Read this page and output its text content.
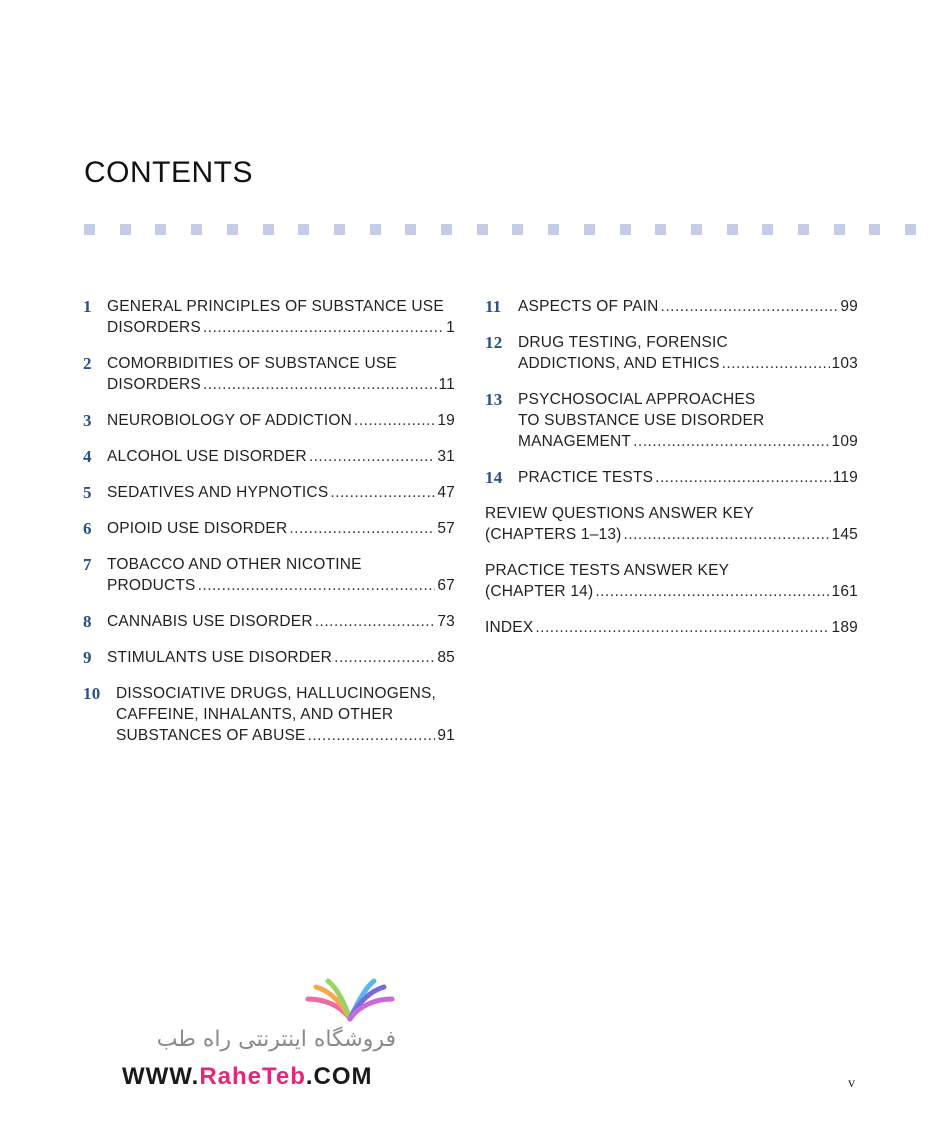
CONTENTS
1 GENERAL PRINCIPLES OF SUBSTANCE USE
DISORDERS .....	1
2 COMORBIDITIES OF SUBSTANCE USE
DISORDERS .....	11
3 NEUROBIOLOGY OF ADDICTION .....	19
4 ALCOHOL USE DISORDER .....	31
5 SEDATIVES AND HYPNOTICS .....	47
6 OPIOID USE DISORDER .....	57
7 TOBACCO AND OTHER NICOTINE
PRODUCTS .....	67
8 CANNABIS USE DISORDER .....	73
9 STIMULANTS USE DISORDER .....	85
10 DISSOCIATIVE DRUGS, HALLUCINOGENS,
CAFFEINE, INHALANTS, AND OTHER
SUBSTANCES OF ABUSE .....	91
11 ASPECTS OF PAIN .....	99
12 DRUG TESTING, FORENSIC
ADDICTIONS, AND ETHICS .....	103
13 PSYCHOSOCIAL APPROACHES
TO SUBSTANCE USE DISORDER
MANAGEMENT .....	109
14 PRACTICE TESTS .....	119
REVIEW QUESTIONS ANSWER KEY
(CHAPTERS 1–13) .....	145
PRACTICE TESTS ANSWER KEY
(CHAPTER 14) .....	161
INDEX .....	189
v
فروشگاه اینترنتی راه طب
WWW.RaheTeb.COM
